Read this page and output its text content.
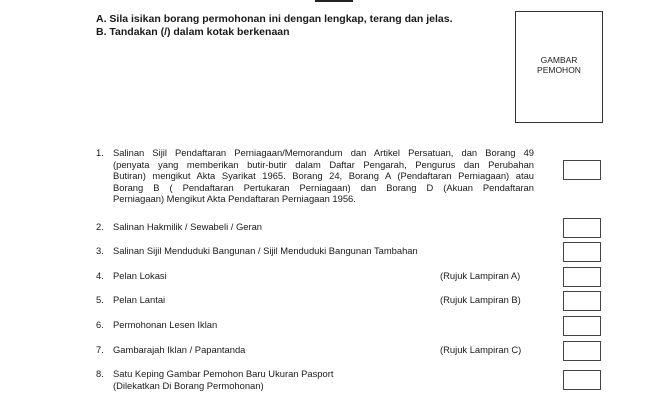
A. Sila isikan borang permohonan ini dengan lengkap, terang dan jelas.
B. Tandakan (/) dalam kotak berkenaan
GAMBAR
PEMOHON
1. Salinan Sijil Pendaftaran Perniagaan/Memorandum dan Artikel Persatuan, dan Borang 49
(penyata yang memberikan butir-butir dalam Daftar Pengarah, Pengurus dan Perubahan
Butiran) mengikut Akta Syarikat 1965. Borang 24, Borang A (Pendaftaran Perniagaan) atau
Borang B ( Pendaftaran Pertukaran Perniagaan) dan Borang D (Akuan Pendaftaran
Perniagaan) Mengikut Akta Pendaftaran Perniagaan 1956.
2. Salinan Hakmilik / Sewabeli / Geran
3. Salinan Sijil Menduduki Bangunan / Sijil Menduduki Bangunan Tambahan
4. Pelan Lokasi	(Rujuk Lampiran A)
5. Pelan Lantai	(Rujuk Lampiran B)
6. Permohonan Lesen Iklan
7. Gambarajah Iklan / Papantanda	(Rujuk Lampiran C)
8. Satu Keping Gambar Pemohon Baru Ukuran Pasport
(Dilekatkan Di Borang Permohonan)
